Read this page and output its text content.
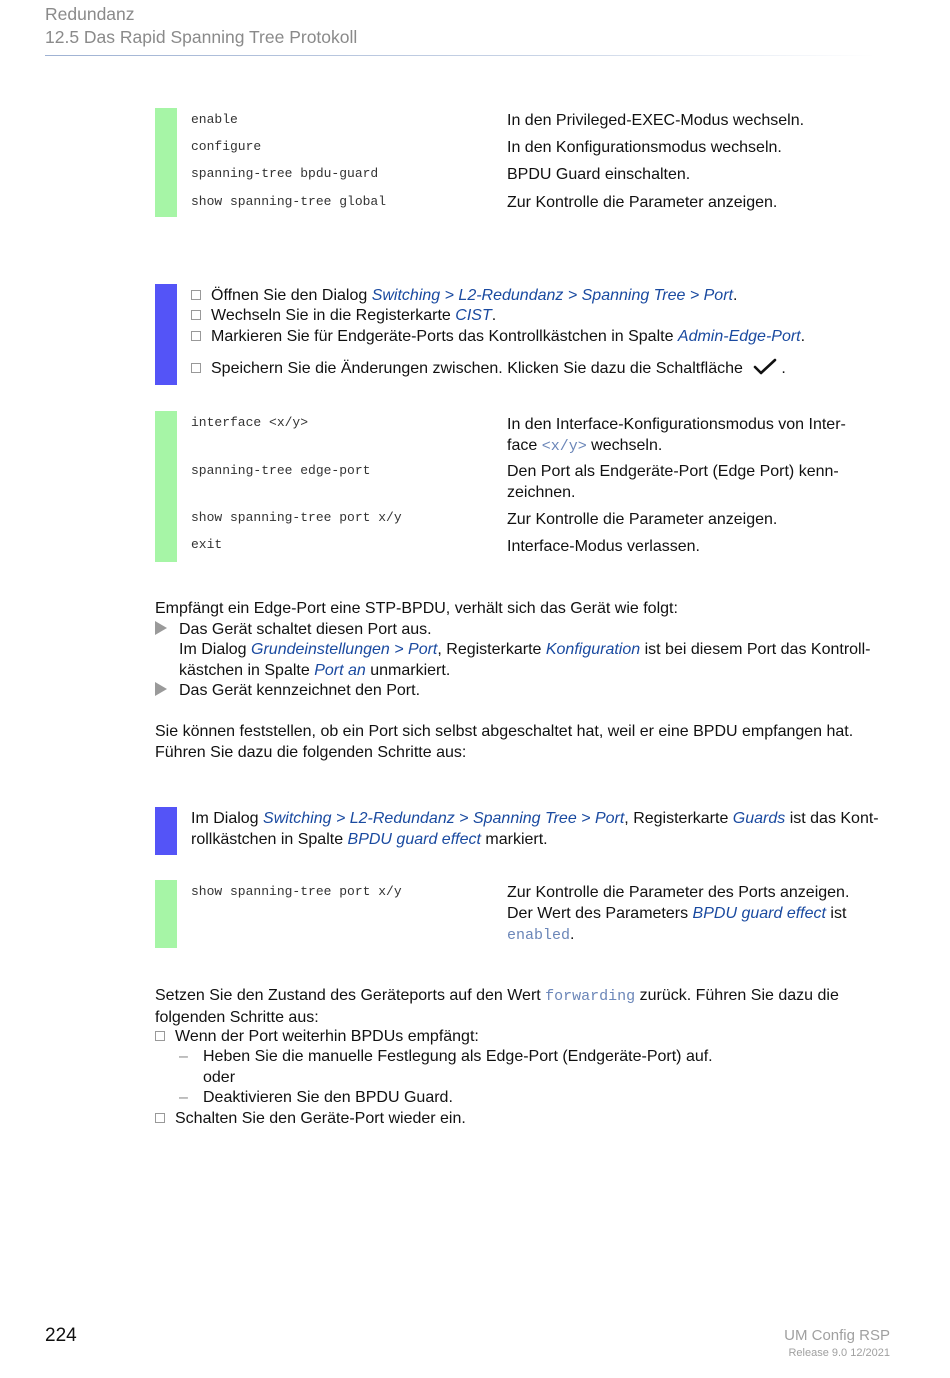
Redundanz
12.5 Das Rapid Spanning Tree Protokoll
enable	In den Privileged-EXEC-Modus wechseln.
configure	In den Konfigurationsmodus wechseln.
spanning-tree bpdu-guard	BPDU Guard einschalten.
show spanning-tree global	Zur Kontrolle die Parameter anzeigen.
Öffnen Sie den Dialog Switching > L2-Redundanz > Spanning Tree > Port.
Wechseln Sie in die Registerkarte CIST.
Markieren Sie für Endgeräte-Ports das Kontrollkästchen in Spalte Admin-Edge-Port.
Speichern Sie die Änderungen zwischen. Klicken Sie dazu die Schaltfläche .
interface <x/y>	In den Interface-Konfigurationsmodus von Inter-
face <x/y> wechseln.
spanning-tree edge-port	Den Port als Endgeräte-Port (Edge Port) kenn-
zeichnen.
show spanning-tree port x/y	Zur Kontrolle die Parameter anzeigen.
exit	Interface-Modus verlassen.
Empfängt ein Edge-Port eine STP-BPDU, verhält sich das Gerät wie folgt:
Das Gerät schaltet diesen Port aus.
Im Dialog Grundeinstellungen > Port, Registerkarte Konfiguration ist bei diesem Port das Kontroll-
kästchen in Spalte Port an unmarkiert.
Das Gerät kennzeichnet den Port.
Sie können feststellen, ob ein Port sich selbst abgeschaltet hat, weil er eine BPDU empfangen hat.
Führen Sie dazu die folgenden Schritte aus:
Im Dialog Switching > L2-Redundanz > Spanning Tree > Port, Registerkarte Guards ist das Kont-
rollkästchen in Spalte BPDU guard effect markiert.
show spanning-tree port x/y	Zur Kontrolle die Parameter des Ports anzeigen.
Der Wert des Parameters BPDU guard effect ist
enabled.
Setzen Sie den Zustand des Geräteports auf den Wert forwarding zurück. Führen Sie dazu die
folgenden Schritte aus:
Wenn der Port weiterhin BPDUs empfängt:
– Heben Sie die manuelle Festlegung als Edge-Port (Endgeräte-Port) auf.
oder
– Deaktivieren Sie den BPDU Guard.
Schalten Sie den Geräte-Port wieder ein.
224	UM Config RSP
Release 9.0 12/2021
